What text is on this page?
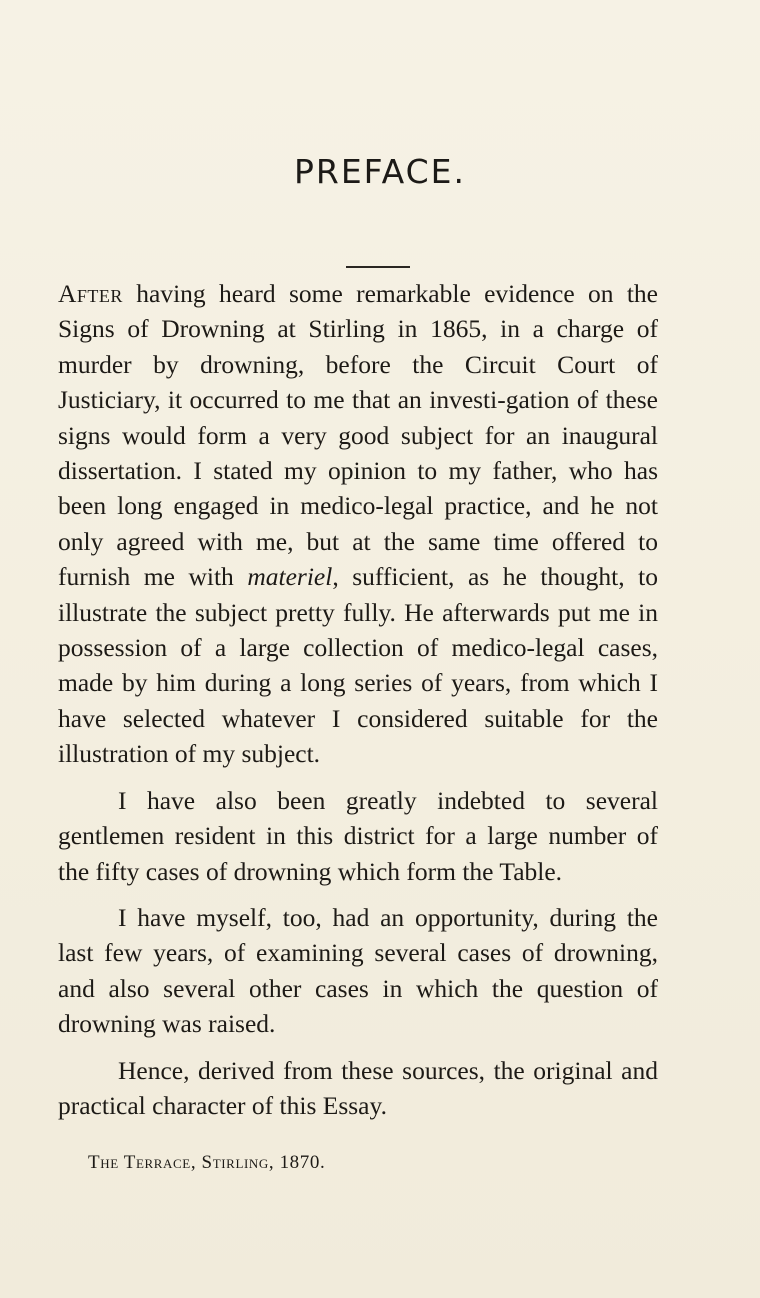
PREFACE.

After having heard some remarkable evidence on the Signs of Drowning at Stirling in 1865, in a charge of murder by drowning, before the Circuit Court of Justiciary, it occurred to me that an investi-gation of these signs would form a very good subject for an inaugural dissertation. I stated my opinion to my father, who has been long engaged in medico-legal practice, and he not only agreed with me, but at the same time offered to furnish me with materiel, sufficient, as he thought, to illustrate the subject pretty fully. He afterwards put me in possession of a large collection of medico-legal cases, made by him during a long series of years, from which I have selected whatever I considered suitable for the illustration of my subject.

I have also been greatly indebted to several gentlemen resident in this district for a large number of the fifty cases of drowning which form the Table.

I have myself, too, had an opportunity, during the last few years, of examining several cases of drowning, and also several other cases in which the question of drowning was raised.

Hence, derived from these sources, the original and practical character of this Essay.

The Terrace, Stirling, 1870.
